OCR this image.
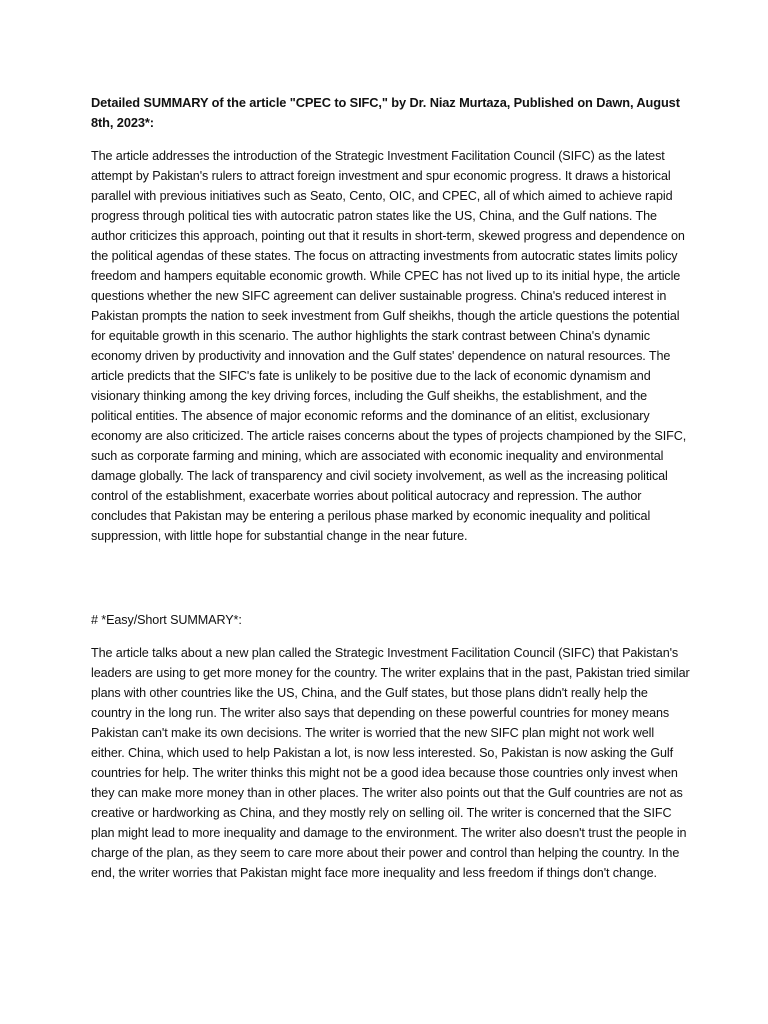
Detailed SUMMARY of the article "CPEC to SIFC," by Dr. Niaz Murtaza, Published on Dawn, August 8th, 2023*:

The article addresses the introduction of the Strategic Investment Facilitation Council (SIFC) as the latest attempt by Pakistan's rulers to attract foreign investment and spur economic progress. It draws a historical parallel with previous initiatives such as Seato, Cento, OIC, and CPEC, all of which aimed to achieve rapid progress through political ties with autocratic patron states like the US, China, and the Gulf nations. The author criticizes this approach, pointing out that it results in short-term, skewed progress and dependence on the political agendas of these states. The focus on attracting investments from autocratic states limits policy freedom and hampers equitable economic growth. While CPEC has not lived up to its initial hype, the article questions whether the new SIFC agreement can deliver sustainable progress. China's reduced interest in Pakistan prompts the nation to seek investment from Gulf sheikhs, though the article questions the potential for equitable growth in this scenario. The author highlights the stark contrast between China's dynamic economy driven by productivity and innovation and the Gulf states' dependence on natural resources. The article predicts that the SIFC's fate is unlikely to be positive due to the lack of economic dynamism and visionary thinking among the key driving forces, including the Gulf sheikhs, the establishment, and the political entities. The absence of major economic reforms and the dominance of an elitist, exclusionary economy are also criticized. The article raises concerns about the types of projects championed by the SIFC, such as corporate farming and mining, which are associated with economic inequality and environmental damage globally. The lack of transparency and civil society involvement, as well as the increasing political control of the establishment, exacerbate worries about political autocracy and repression. The author concludes that Pakistan may be entering a perilous phase marked by economic inequality and political suppression, with little hope for substantial change in the near future.

# *Easy/Short SUMMARY*:

The article talks about a new plan called the Strategic Investment Facilitation Council (SIFC) that Pakistan's leaders are using to get more money for the country. The writer explains that in the past, Pakistan tried similar plans with other countries like the US, China, and the Gulf states, but those plans didn't really help the country in the long run. The writer also says that depending on these powerful countries for money means Pakistan can't make its own decisions. The writer is worried that the new SIFC plan might not work well either. China, which used to help Pakistan a lot, is now less interested. So, Pakistan is now asking the Gulf countries for help. The writer thinks this might not be a good idea because those countries only invest when they can make more money than in other places. The writer also points out that the Gulf countries are not as creative or hardworking as China, and they mostly rely on selling oil. The writer is concerned that the SIFC plan might lead to more inequality and damage to the environment. The writer also doesn't trust the people in charge of the plan, as they seem to care more about their power and control than helping the country. In the end, the writer worries that Pakistan might face more inequality and less freedom if things don't change.
